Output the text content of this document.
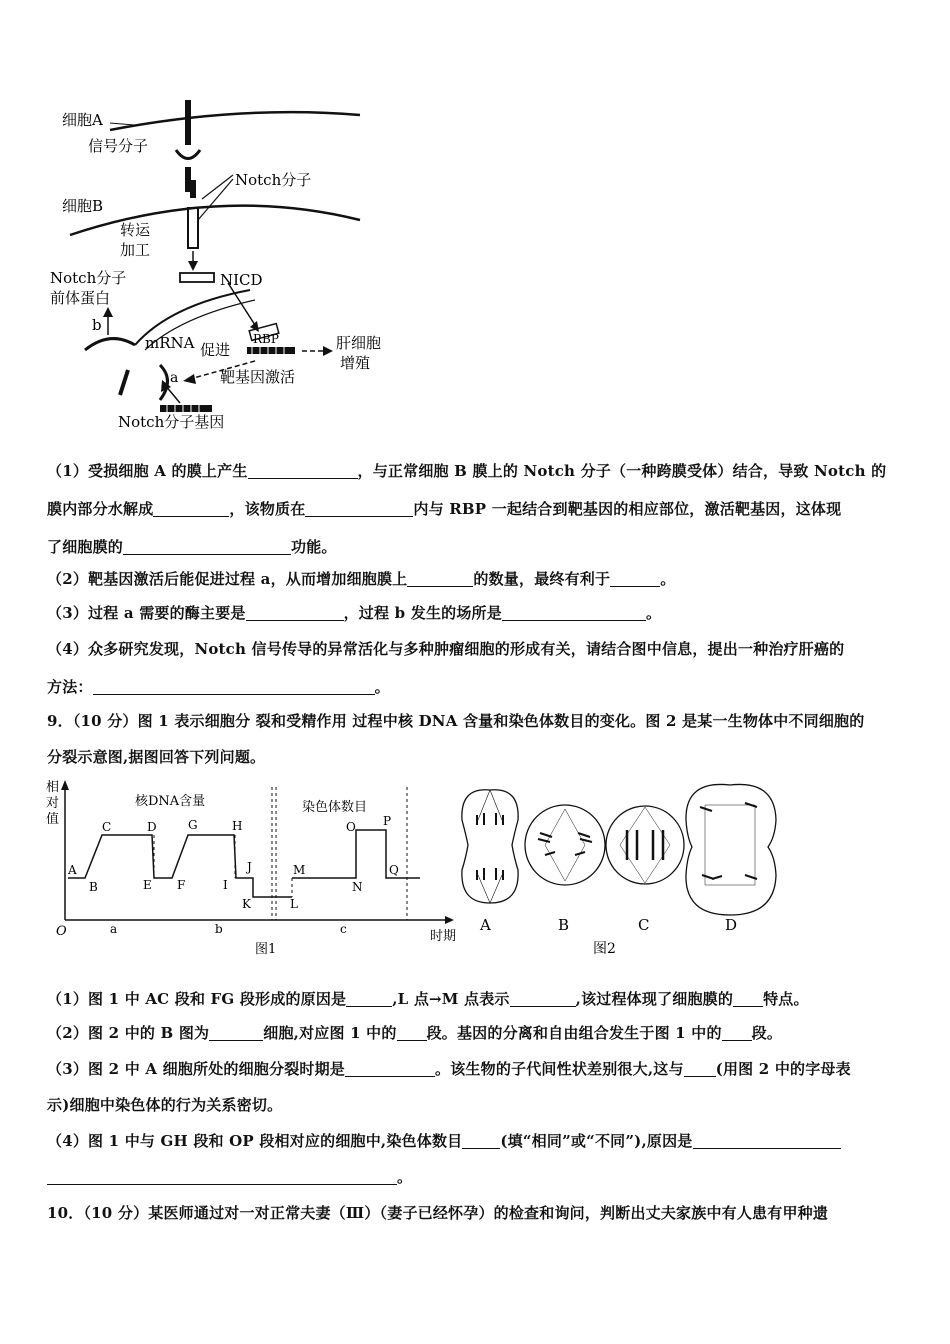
细胞A
信号分子
Notch分子
细胞B
转运
加工
NICD
Notch分子
前体蛋白
b
mRNA 促进
RBP	肝细胞
增殖
a	靶基因激活
Notch分子基因
（1）受损细胞 A 的膜上产生	，与正常细胞 B 膜上的 Notch 分子（一种跨膜受体）结合，导致 Notch 的
膜内部分水解成	，该物质在	内与 RBP 一起结合到靶基因的相应部位，激活靶基因，这体现
了细胞膜的	功能。
（2）靶基因激活后能促进过程 a，从而增加细胞膜上	的数量，最终有利于	。
（3）过程 a 需要的酶主要是	，过程 b 发生的场所是	。
（4）众多研究发现，Notch 信号传导的异常活化与多种肿瘤细胞的形成有关，请结合图中信息，提出一种治疗肝癌的
方法：	。
9．（10 分）图 1 表示细胞分 裂和受精作用 过程中核 DNA 含量和染色体数目的变化。图 2 是某一生物体中不同细胞的
分裂示意图,据图回答下列问题。
相
对
值
核DNA含量	染色体数目
O	时期
a	b	c
图1
A
B
C	D
E F
G	H
I
J
K	L
M
N
O P
Q
A	B	C	D
图2
（1）图 1 中 AC 段和 FG 段形成的原因是	,L 点→M 点表示	,该过程体现了细胞膜的 特点。
（2）图 2 中的 B 图为	细胞,对应图 1 中的 段。基因的分离和自由组合发生于图 1 中的 段。
（3）图 2 中 A 细胞所处的细胞分裂时期是	。该生物的子代间性状差别很大,这与 (用图 2 中的字母表
示)细胞中染色体的行为关系密切。
（4）图 1 中与 GH 段和 OP 段相对应的细胞中,染色体数目	(填“相同”或“不同”),原因是
。
10．（10 分）某医师通过对一对正常夫妻（Ⅲ）（妻子已经怀孕）的检查和询问，判断出丈夫家族中有人患有甲种遗
